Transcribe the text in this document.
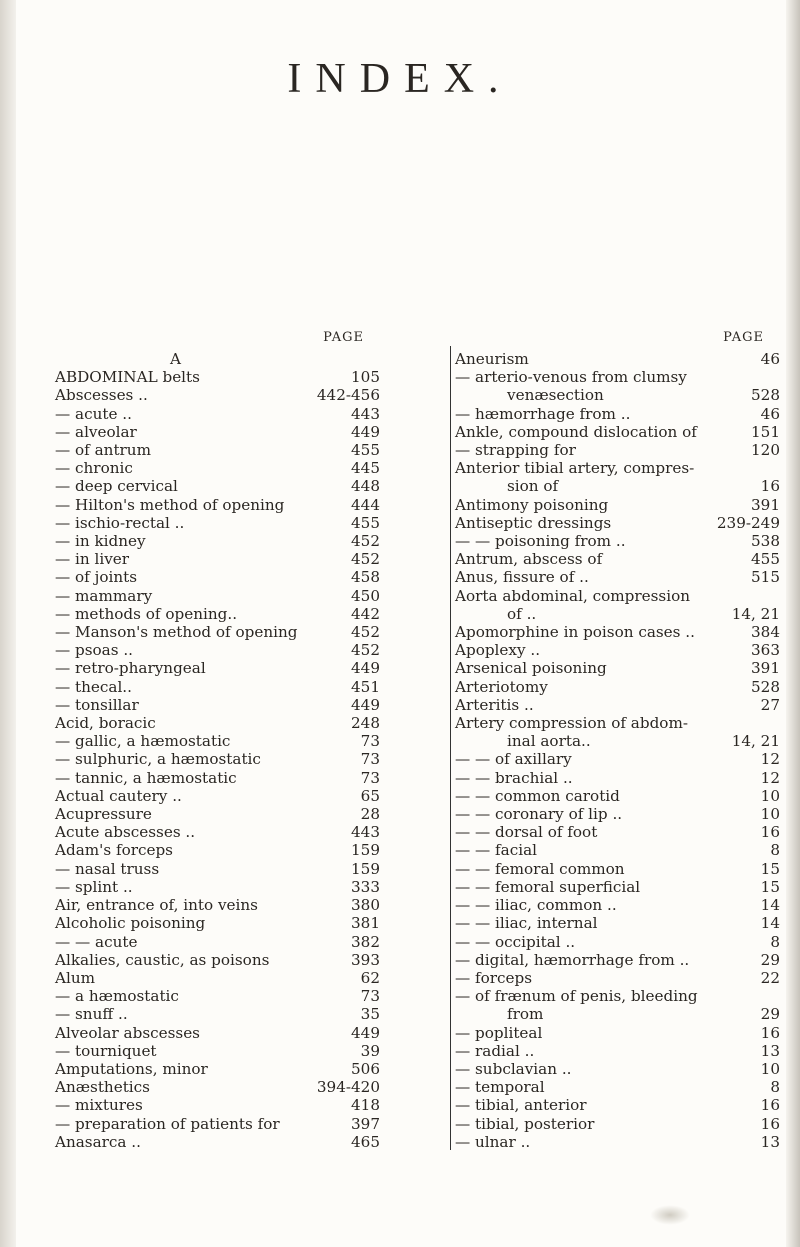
INDEX.
PAGE
A
ABDOMINAL belts	105
Abscesses ..	442-456
— acute ..	443
— alveolar	449
— of antrum	455
— chronic	445
— deep cervical	448
— Hilton's method of opening	444
— ischio-rectal ..	455
— in kidney	452
— in liver	452
— of joints	458
— mammary	450
— methods of opening..	442
— Manson's method of opening	452
— psoas ..	452
— retro-pharyngeal	449
— thecal..	451
— tonsillar	449
Acid, boracic	248
— gallic, a hæmostatic	73
— sulphuric, a hæmostatic	73
— tannic, a hæmostatic	73
Actual cautery ..	65
Acupressure	28
Acute abscesses ..	443
Adam's forceps	159
— nasal truss	159
— splint ..	333
Air, entrance of, into veins	380
Alcoholic poisoning	381
— — acute	382
Alkalies, caustic, as poisons	393
Alum	62
— a hæmostatic	73
— snuff ..	35
Alveolar abscesses	449
— tourniquet	39
Amputations, minor	506
Anæsthetics	394-420
— mixtures	418
— preparation of patients for	397
Anasarca ..	465
PAGE
Aneurism	46
— arterio-venous from clumsy
venæsection	528
— hæmorrhage from ..	46
Ankle, compound dislocation of	151
— strapping for	120
Anterior tibial artery, compres-
sion of	16
Antimony poisoning	391
Antiseptic dressings	239-249
— — poisoning from ..	538
Antrum, abscess of	455
Anus, fissure of ..	515
Aorta abdominal, compression
of ..	14, 21
Apomorphine in poison cases ..	384
Apoplexy ..	363
Arsenical poisoning	391
Arteriotomy	528
Arteritis ..	27
Artery compression of abdom-
inal aorta..	14, 21
— — of axillary	12
— — brachial ..	12
— — common carotid	10
— — coronary of lip ..	10
— — dorsal of foot	16
— — facial	8
— — femoral common	15
— — femoral superficial	15
— — iliac, common ..	14
— — iliac, internal	14
— — occipital ..	8
— digital, hæmorrhage from ..	29
— forceps	22
— of frænum of penis, bleeding
from	29
— popliteal	16
— radial ..	13
— subclavian ..	10
— temporal	8
— tibial, anterior	16
— tibial, posterior	16
— ulnar ..	13
